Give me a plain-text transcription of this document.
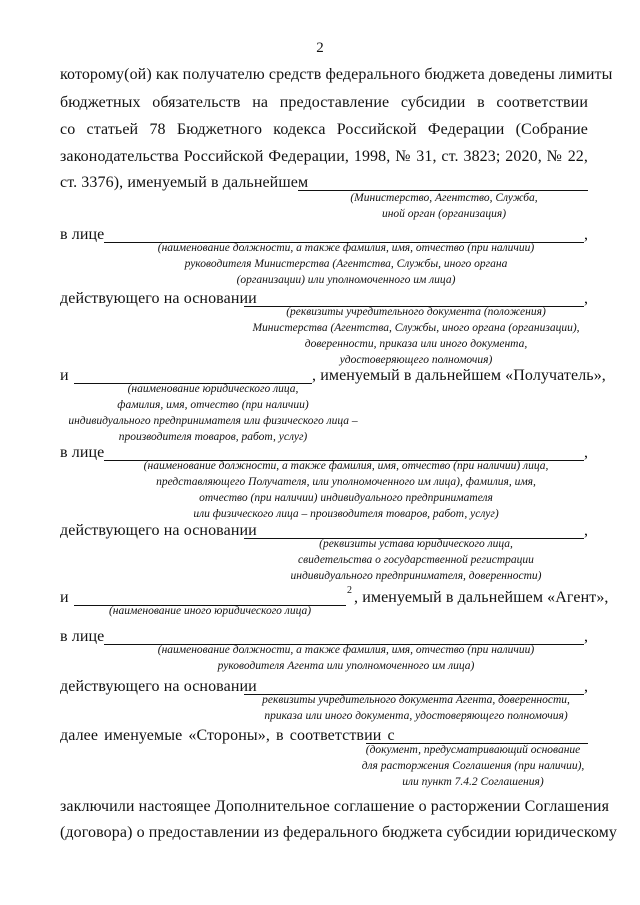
2
которому(ой) как получателю средств федерального бюджета доведены лимиты
бюджетных обязательств на предоставление субсидии в соответствии
со статьей 78 Бюджетного кодекса Российской Федерации (Собрание
законодательства Российской Федерации, 1998, № 31, ст. 3823; 2020, № 22,
ст. 3376), именуемый в дальнейшем
(Министерство, Агентство, Служба,
иной орган (организация)
в лице	,
(наименование должности, а также фамилия, имя, отчество (при наличии)
руководителя Министерства (Агентства, Службы, иного органа
(организации) или уполномоченного им лица)
действующего на основании	,
(реквизиты учредительного документа (положения)
Министерства (Агентства, Службы, иного органа (организации),
доверенности, приказа или иного документа,
удостоверяющего полномочия)
и	, именуемый в дальнейшем «Получатель»,
(наименование юридического лица,
фамилия, имя, отчество (при наличии)
индивидуального предпринимателя или физического лица –
производителя товаров, работ, услуг)
в лице	,
(наименование должности, а также фамилия, имя, отчество (при наличии) лица,
представляющего Получателя, или уполномоченного им лица), фамилия, имя,
отчество (при наличии) индивидуального предпринимателя
или физического лица – производителя товаров, работ, услуг)
действующего на основании	,
(реквизиты устава юридического лица,
свидетельства о государственной регистрации
индивидуального предпринимателя, доверенности)
и	2 , именуемый в дальнейшем «Агент»,
(наименование иного юридического лица)
в лице	,
(наименование должности, а также фамилия, имя, отчество (при наличии)
руководителя Агента или уполномоченного им лица)
действующего на основании	,
реквизиты учредительного документа Агента, доверенности,
приказа или иного документа, удостоверяющего полномочия)
далее именуемые «Стороны», в соответствии с
(документ, предусматривающий основание
для расторжения Соглашения (при наличии),
или пункт 7.4.2 Соглашения)
заключили настоящее Дополнительное соглашение о расторжении Соглашения
(договора) о предоставлении из федерального бюджета субсидии юридическому
